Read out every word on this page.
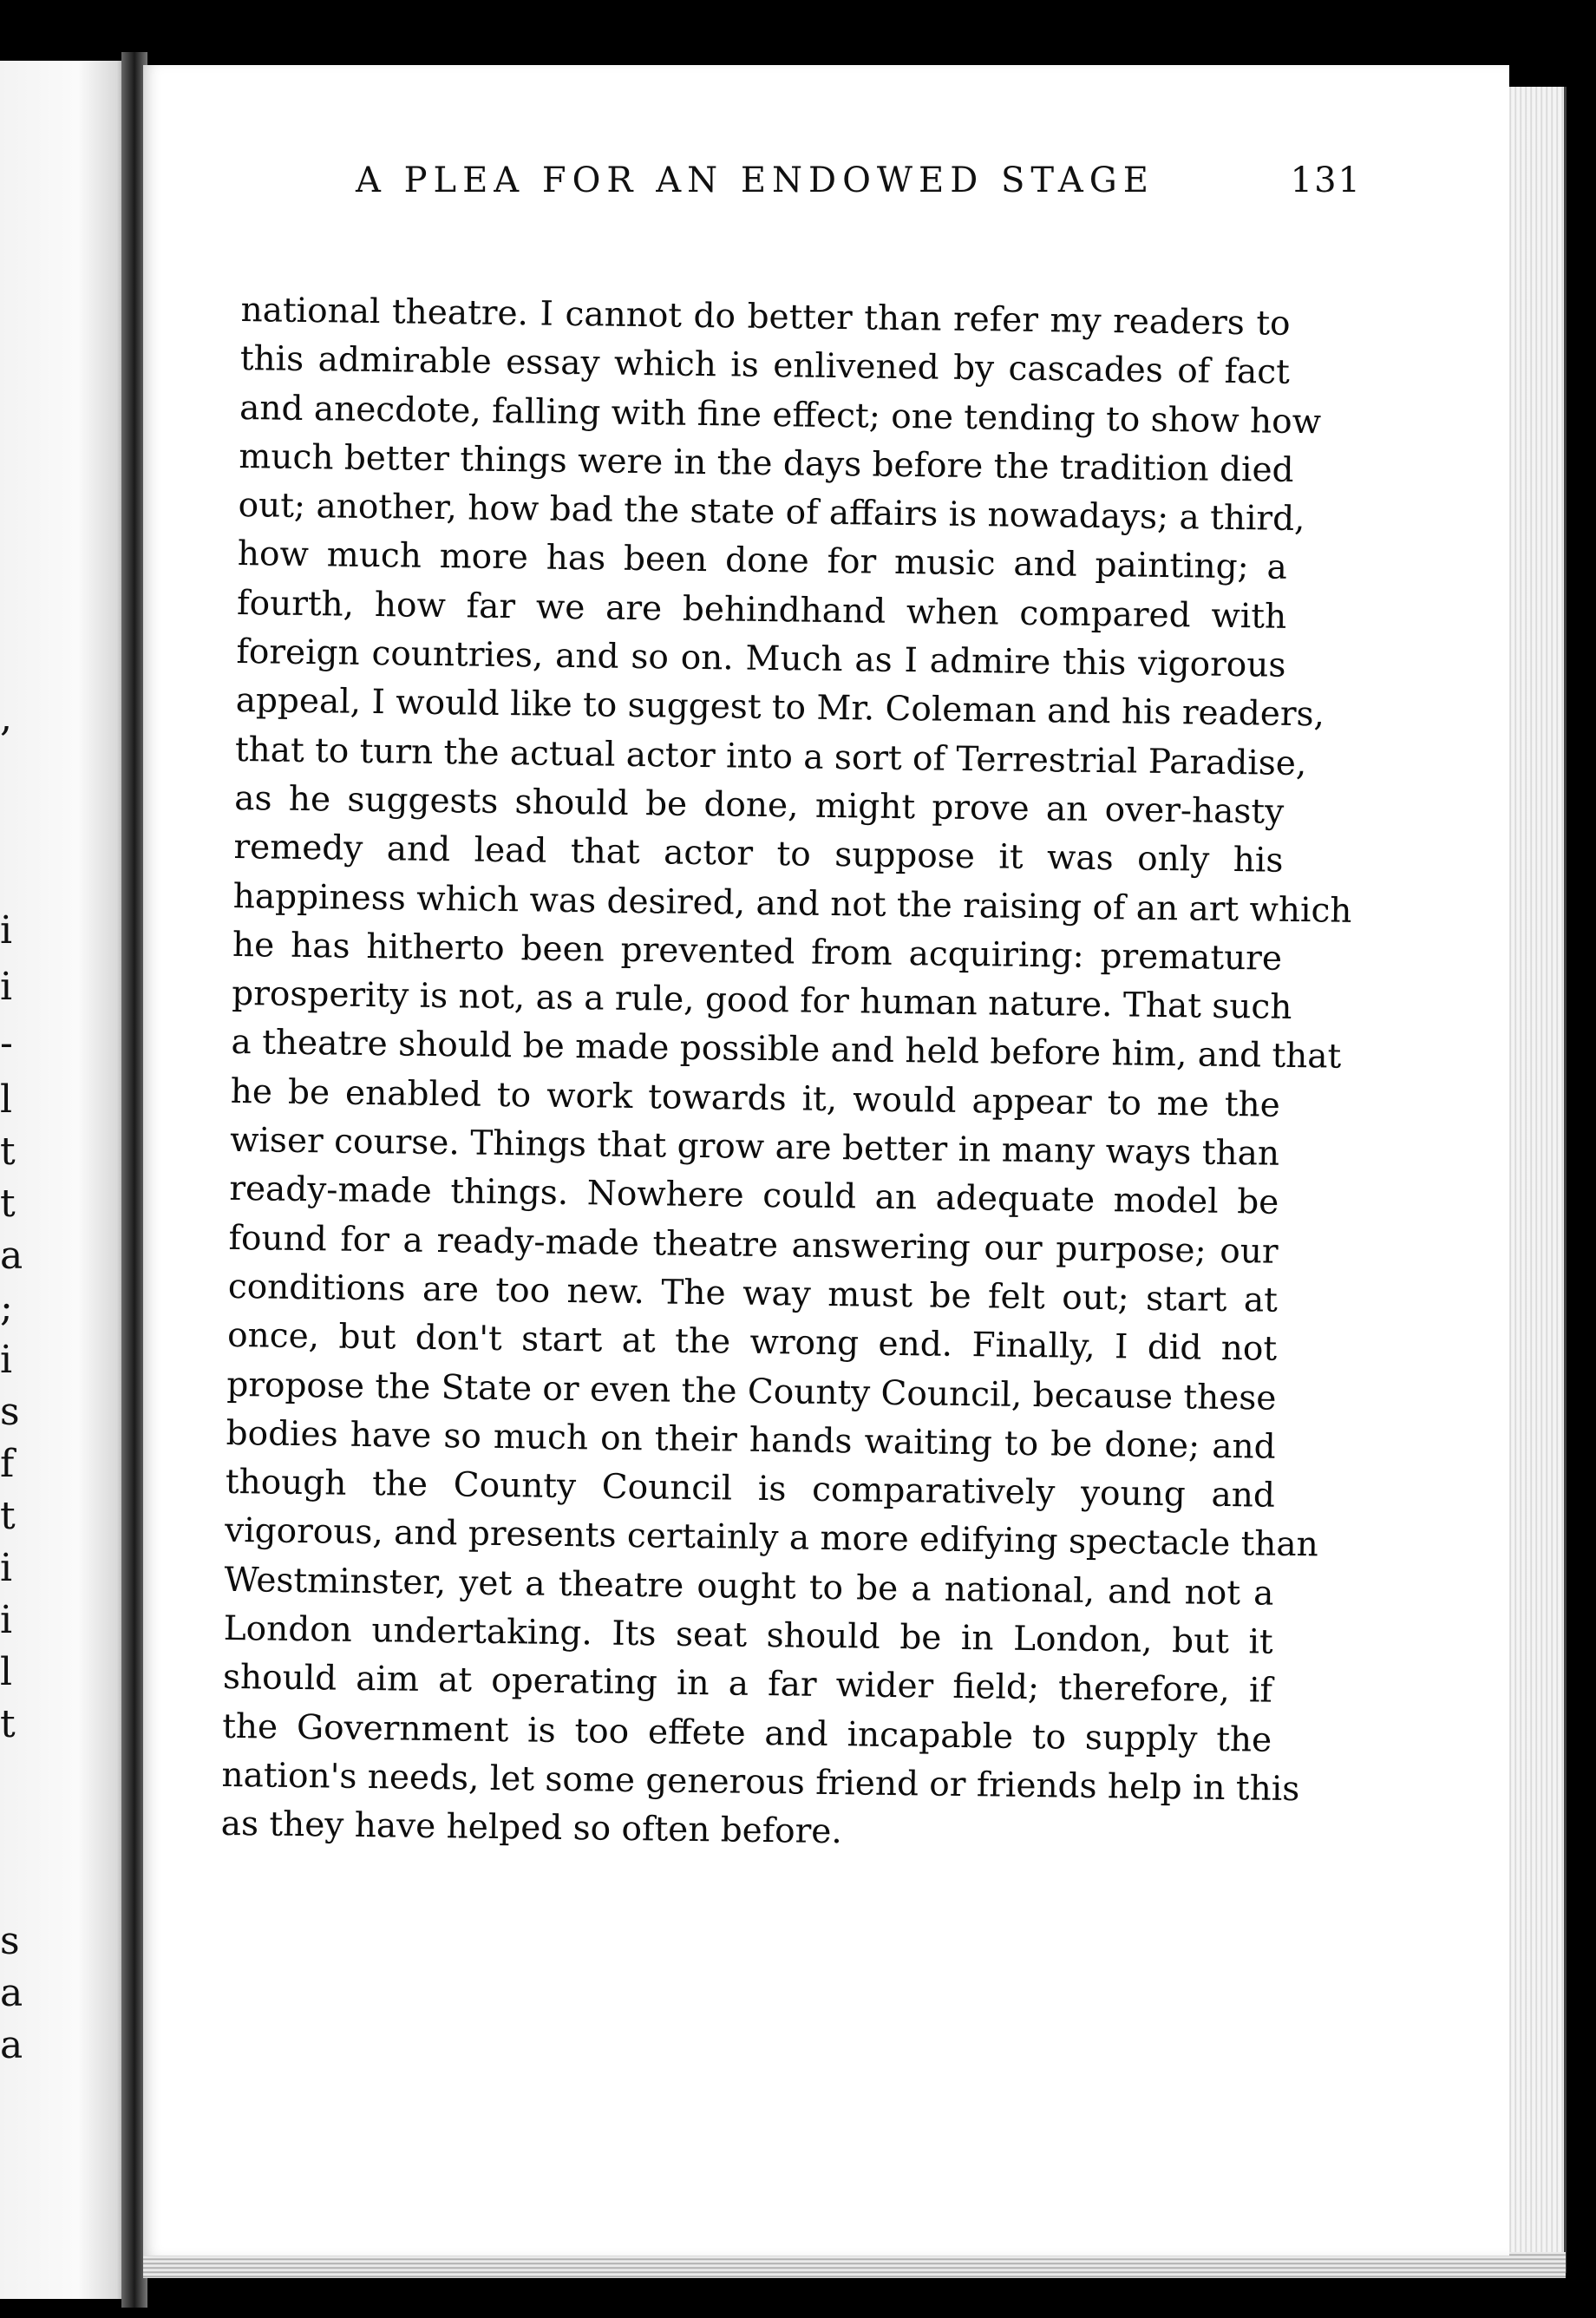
,
i
i
-
l
t
t
a
;
i
s
f
t
i
i
l
t
s
a
a
A PLEA FOR AN ENDOWED STAGE	131
national theatre. I cannot do better than refer my readers to
this admirable essay which is enlivened by cascades of fact
and anecdote, falling with fine effect; one tending to show how
much better things were in the days before the tradition died
out; another, how bad the state of affairs is nowadays; a third,
how much more has been done for music and painting; a
fourth, how far we are behindhand when compared with
foreign countries, and so on. Much as I admire this vigorous
appeal, I would like to suggest to Mr. Coleman and his readers,
that to turn the actual actor into a sort of Terrestrial Paradise,
as he suggests should be done, might prove an over-hasty
remedy and lead that actor to suppose it was only his
happiness which was desired, and not the raising of an art which
he has hitherto been prevented from acquiring: premature
prosperity is not, as a rule, good for human nature. That such
a theatre should be made possible and held before him, and that
he be enabled to work towards it, would appear to me the
wiser course. Things that grow are better in many ways than
ready-made things. Nowhere could an adequate model be
found for a ready-made theatre answering our purpose; our
conditions are too new. The way must be felt out; start at
once, but don't start at the wrong end. Finally, I did not
propose the State or even the County Council, because these
bodies have so much on their hands waiting to be done; and
though the County Council is comparatively young and
vigorous, and presents certainly a more edifying spectacle than
Westminster, yet a theatre ought to be a national, and not a
London undertaking. Its seat should be in London, but it
should aim at operating in a far wider field; therefore, if
the Government is too effete and incapable to supply the
nation's needs, let some generous friend or friends help in this
as they have helped so often before.
